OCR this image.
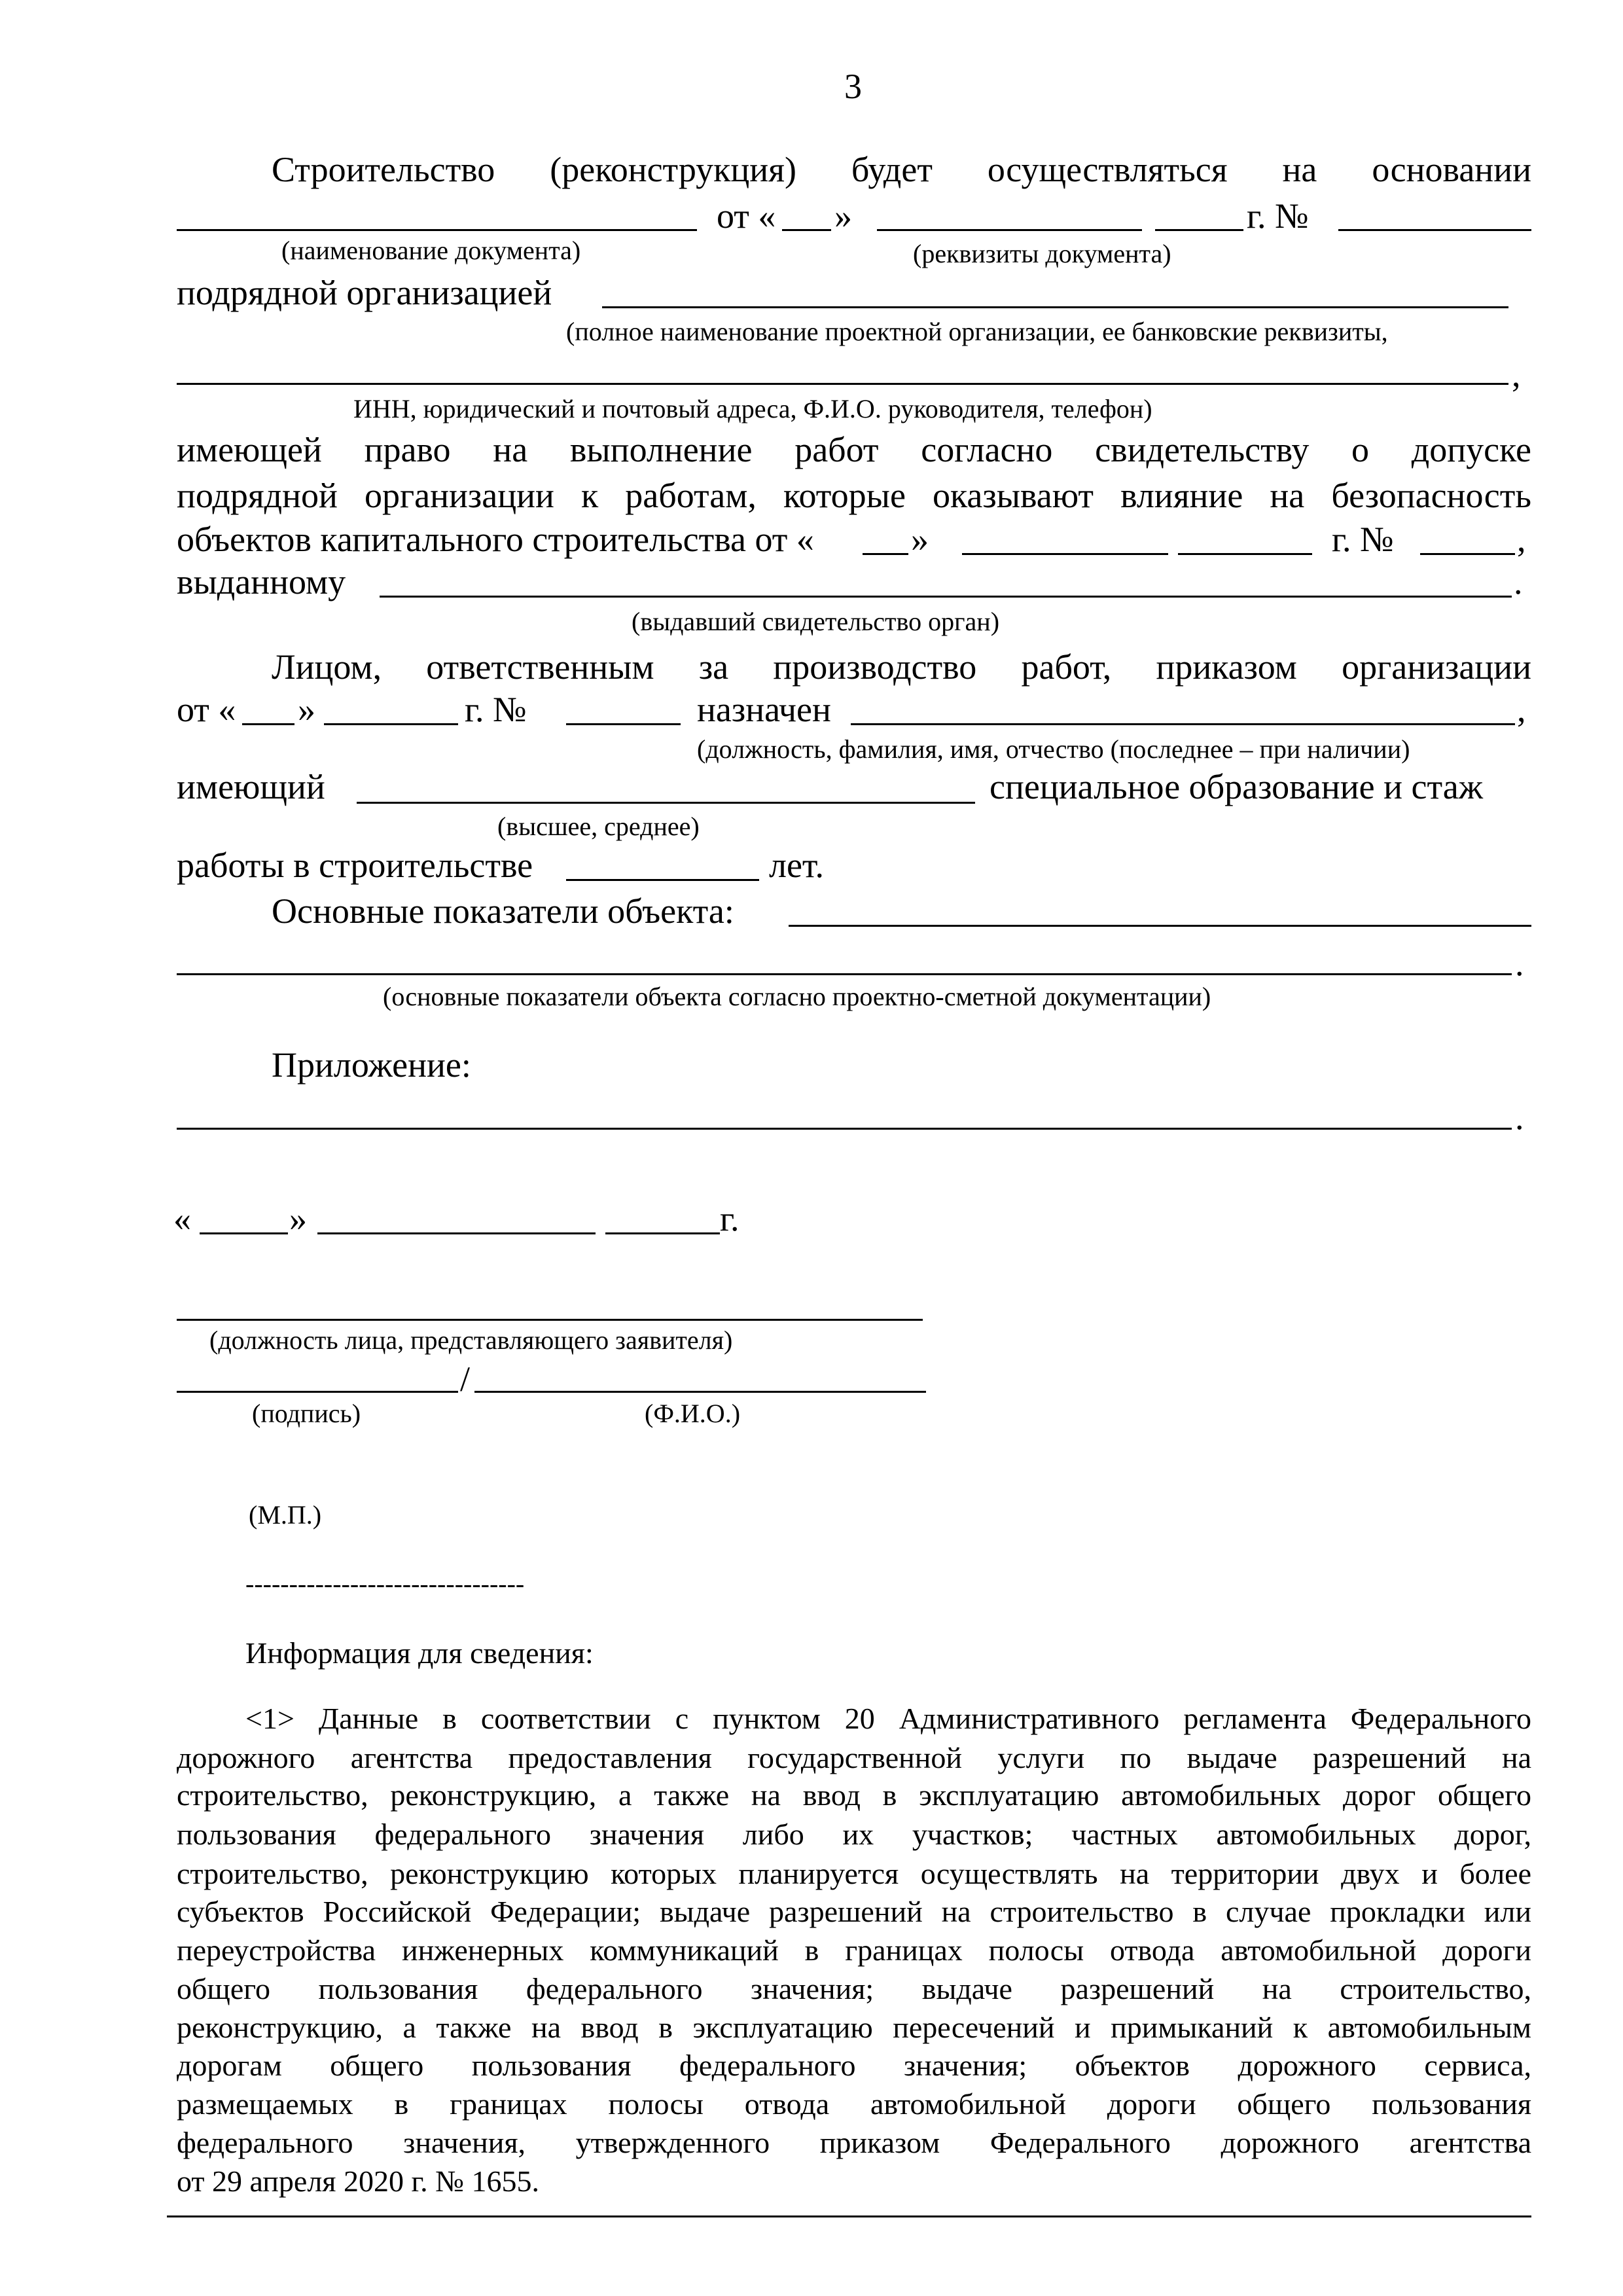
3
Строительство (реконструкция) будет осуществляться на основании
от « »	г. №
(наименование документа)	(реквизиты документа)
подрядной организацией
(полное наименование проектной организации, ее банковские реквизиты,
,
ИНН, юридический и почтовый адреса, Ф.И.О. руководителя, телефон)
имеющей право на выполнение работ согласно свидетельству о допуске
подрядной организации к работам, которые оказывают влияние на безопасность
объектов капитального строительства от «	»	г. №	,
выданному	.
(выдавший свидетельство орган)
Лицом, ответственным за производство работ, приказом организации
от « »	г. №	назначен	,
(должность, фамилия, имя, отчество (последнее – при наличии)
имеющий	специальное образование и стаж
(высшее, среднее)
работы в строительстве	лет.
Основные показатели объекта:
.
(основные показатели объекта согласно проектно-сметной документации)
Приложение:
.
«	»	г.
(должность лица, представляющего заявителя)
/
(подпись)	(Ф.И.О.)
(М.П.)
--------------------------------
Информация для сведения:
<1> Данные в соответствии с пунктом 20 Административного регламента Федерального
дорожного агентства предоставления государственной услуги по выдаче разрешений на
строительство, реконструкцию, а также на ввод в эксплуатацию автомобильных дорог общего
пользования федерального значения либо их участков; частных автомобильных дорог,
строительство, реконструкцию которых планируется осуществлять на территории двух и более
субъектов Российской Федерации; выдаче разрешений на строительство в случае прокладки или
переустройства инженерных коммуникаций в границах полосы отвода автомобильной дороги
общего пользования федерального значения; выдаче разрешений на строительство,
реконструкцию, а также на ввод в эксплуатацию пересечений и примыканий к автомобильным
дорогам общего пользования федерального значения; объектов дорожного сервиса,
размещаемых в границах полосы отвода автомобильной дороги общего пользования
федерального значения, утвержденного приказом Федерального дорожного агентства
от 29 апреля 2020 г. № 1655.
